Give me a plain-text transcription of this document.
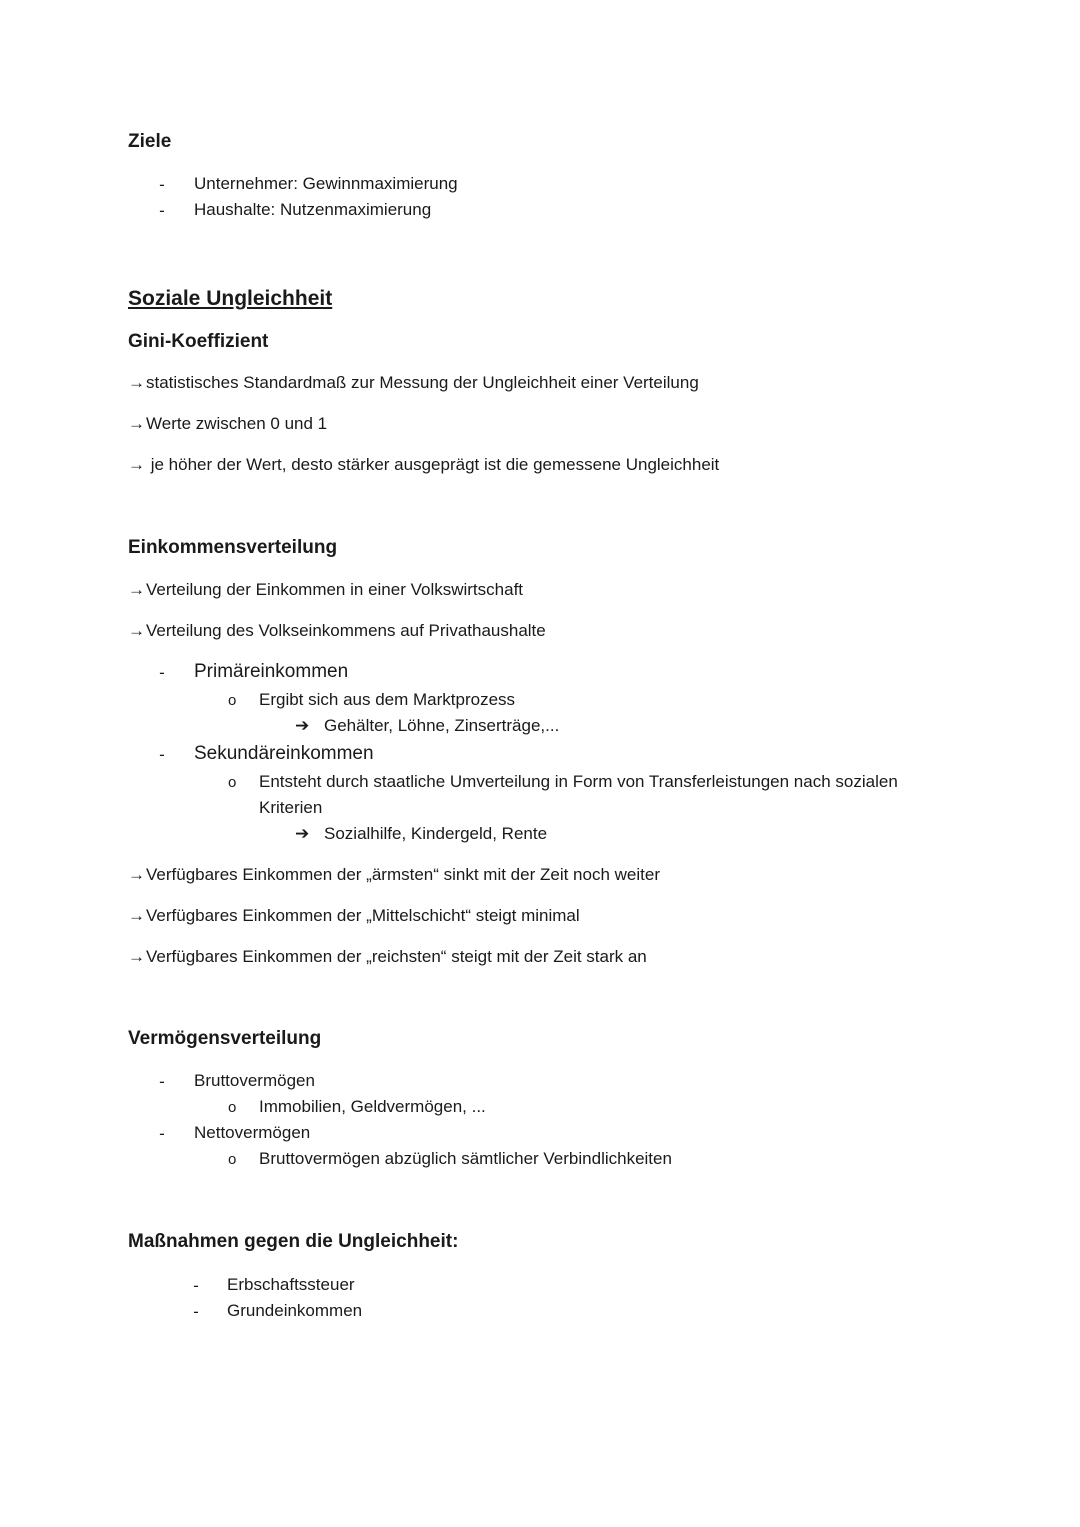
Ziele
- Unternehmer: Gewinnmaximierung
- Haushalte: Nutzenmaximierung
Soziale Ungleichheit
Gini-Koeffizient
→statistisches Standardmaß zur Messung der Ungleichheit einer Verteilung
→Werte zwischen 0 und 1
→ je höher der Wert, desto stärker ausgeprägt ist die gemessene Ungleichheit
Einkommensverteilung
→Verteilung der Einkommen in einer Volkswirtschaft
→Verteilung des Volkseinkommens auf Privathaushalte
- Primäreinkommen
o Ergibt sich aus dem Marktprozess
➔ Gehälter, Löhne, Zinserträge,...
- Sekundäreinkommen
o Entsteht durch staatliche Umverteilung in Form von Transferleistungen nach sozialen
Kriterien
➔ Sozialhilfe, Kindergeld, Rente
→Verfügbares Einkommen der „ärmsten“ sinkt mit der Zeit noch weiter
→Verfügbares Einkommen der „Mittelschicht“ steigt minimal
→Verfügbares Einkommen der „reichsten“ steigt mit der Zeit stark an
Vermögensverteilung
- Bruttovermögen
o Immobilien, Geldvermögen, ...
- Nettovermögen
o Bruttovermögen abzüglich sämtlicher Verbindlichkeiten
Maßnahmen gegen die Ungleichheit:
- Erbschaftssteuer
- Grundeinkommen
